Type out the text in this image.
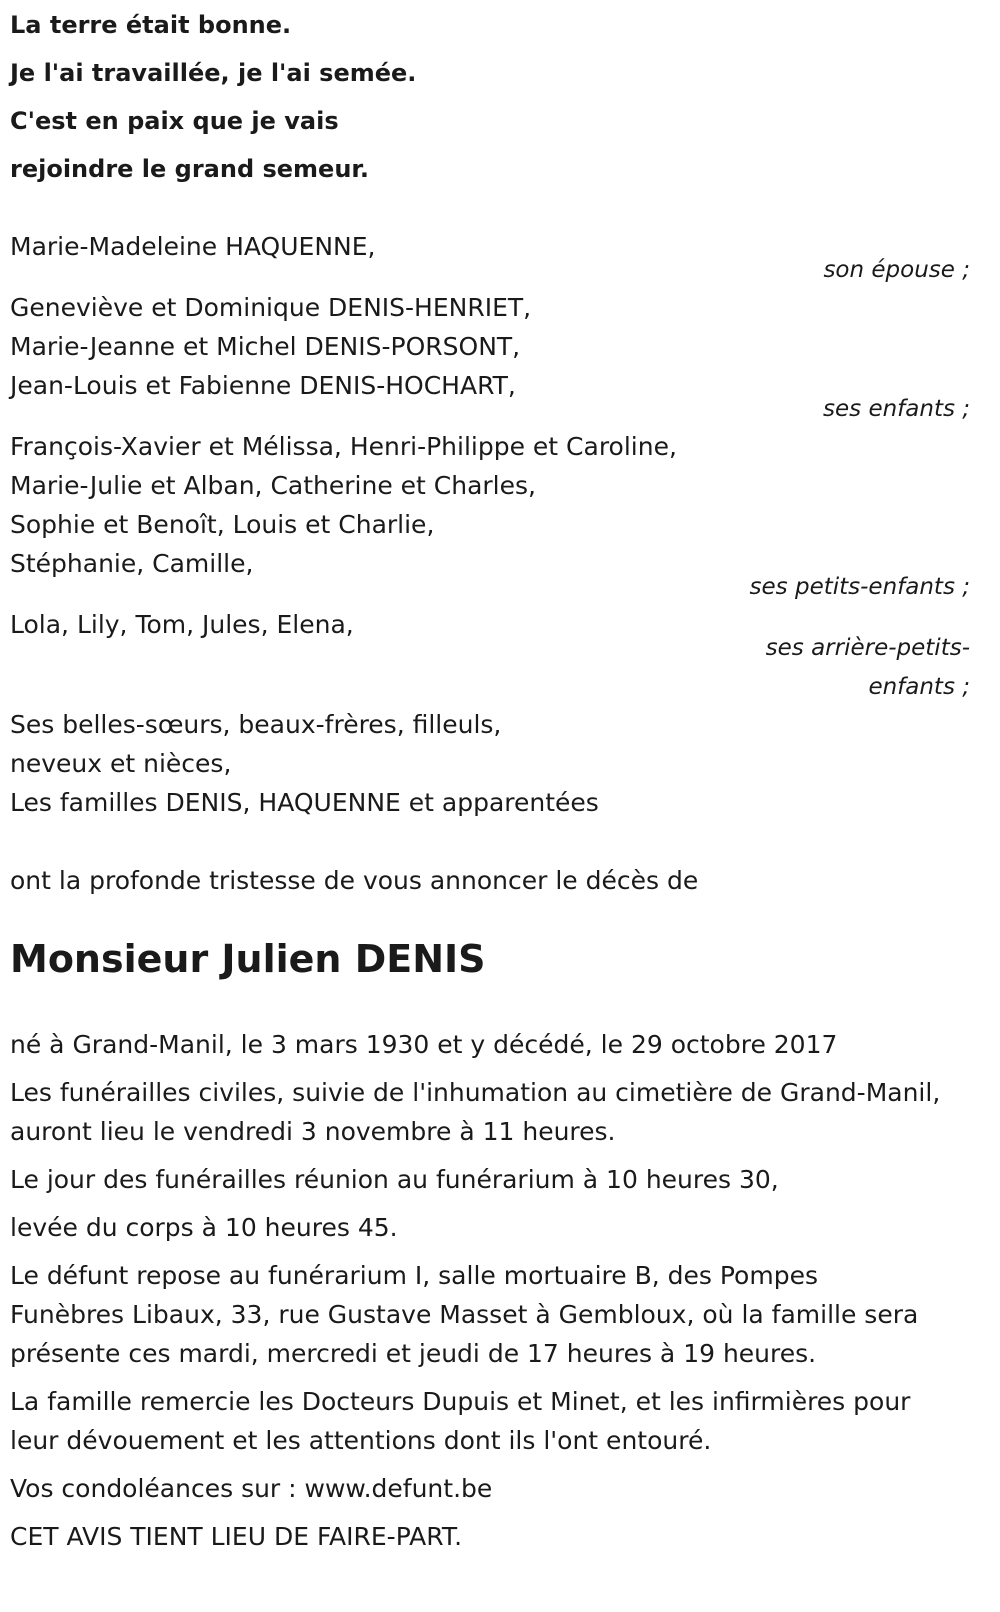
La terre était bonne.
Je l'ai travaillée, je l'ai semée.
C'est en paix que je vais
rejoindre le grand semeur.
Marie-Madeleine HAQUENNE,
son épouse ;
Geneviève et Dominique DENIS-HENRIET,
Marie-Jeanne et Michel DENIS-PORSONT,
Jean-Louis et Fabienne DENIS-HOCHART,
ses enfants ;
François-Xavier et Mélissa, Henri-Philippe et Caroline,
Marie-Julie et Alban, Catherine et Charles,
Sophie et Benoît, Louis et Charlie,
Stéphanie, Camille,
ses petits-enfants ;
Lola, Lily, Tom, Jules, Elena,
ses arrière-petits-
enfants ;
Ses belles-sœurs, beaux-frères, filleuls,
neveux et nièces,
Les familles DENIS, HAQUENNE et apparentées
ont la profonde tristesse de vous annoncer le décès de
Monsieur Julien DENIS
né à Grand-Manil, le 3 mars 1930 et y décédé, le 29 octobre 2017
Les funérailles civiles, suivie de l'inhumation au cimetière de Grand-Manil,
auront lieu le vendredi 3 novembre à 11 heures.
Le jour des funérailles réunion au funérarium à 10 heures 30,
levée du corps à 10 heures 45.
Le défunt repose au funérarium I, salle mortuaire B, des Pompes
Funèbres Libaux, 33, rue Gustave Masset à Gembloux, où la famille sera
présente ces mardi, mercredi et jeudi de 17 heures à 19 heures.
La famille remercie les Docteurs Dupuis et Minet, et les infirmières pour
leur dévouement et les attentions dont ils l'ont entouré.
Vos condoléances sur : www.defunt.be
CET AVIS TIENT LIEU DE FAIRE-PART.
